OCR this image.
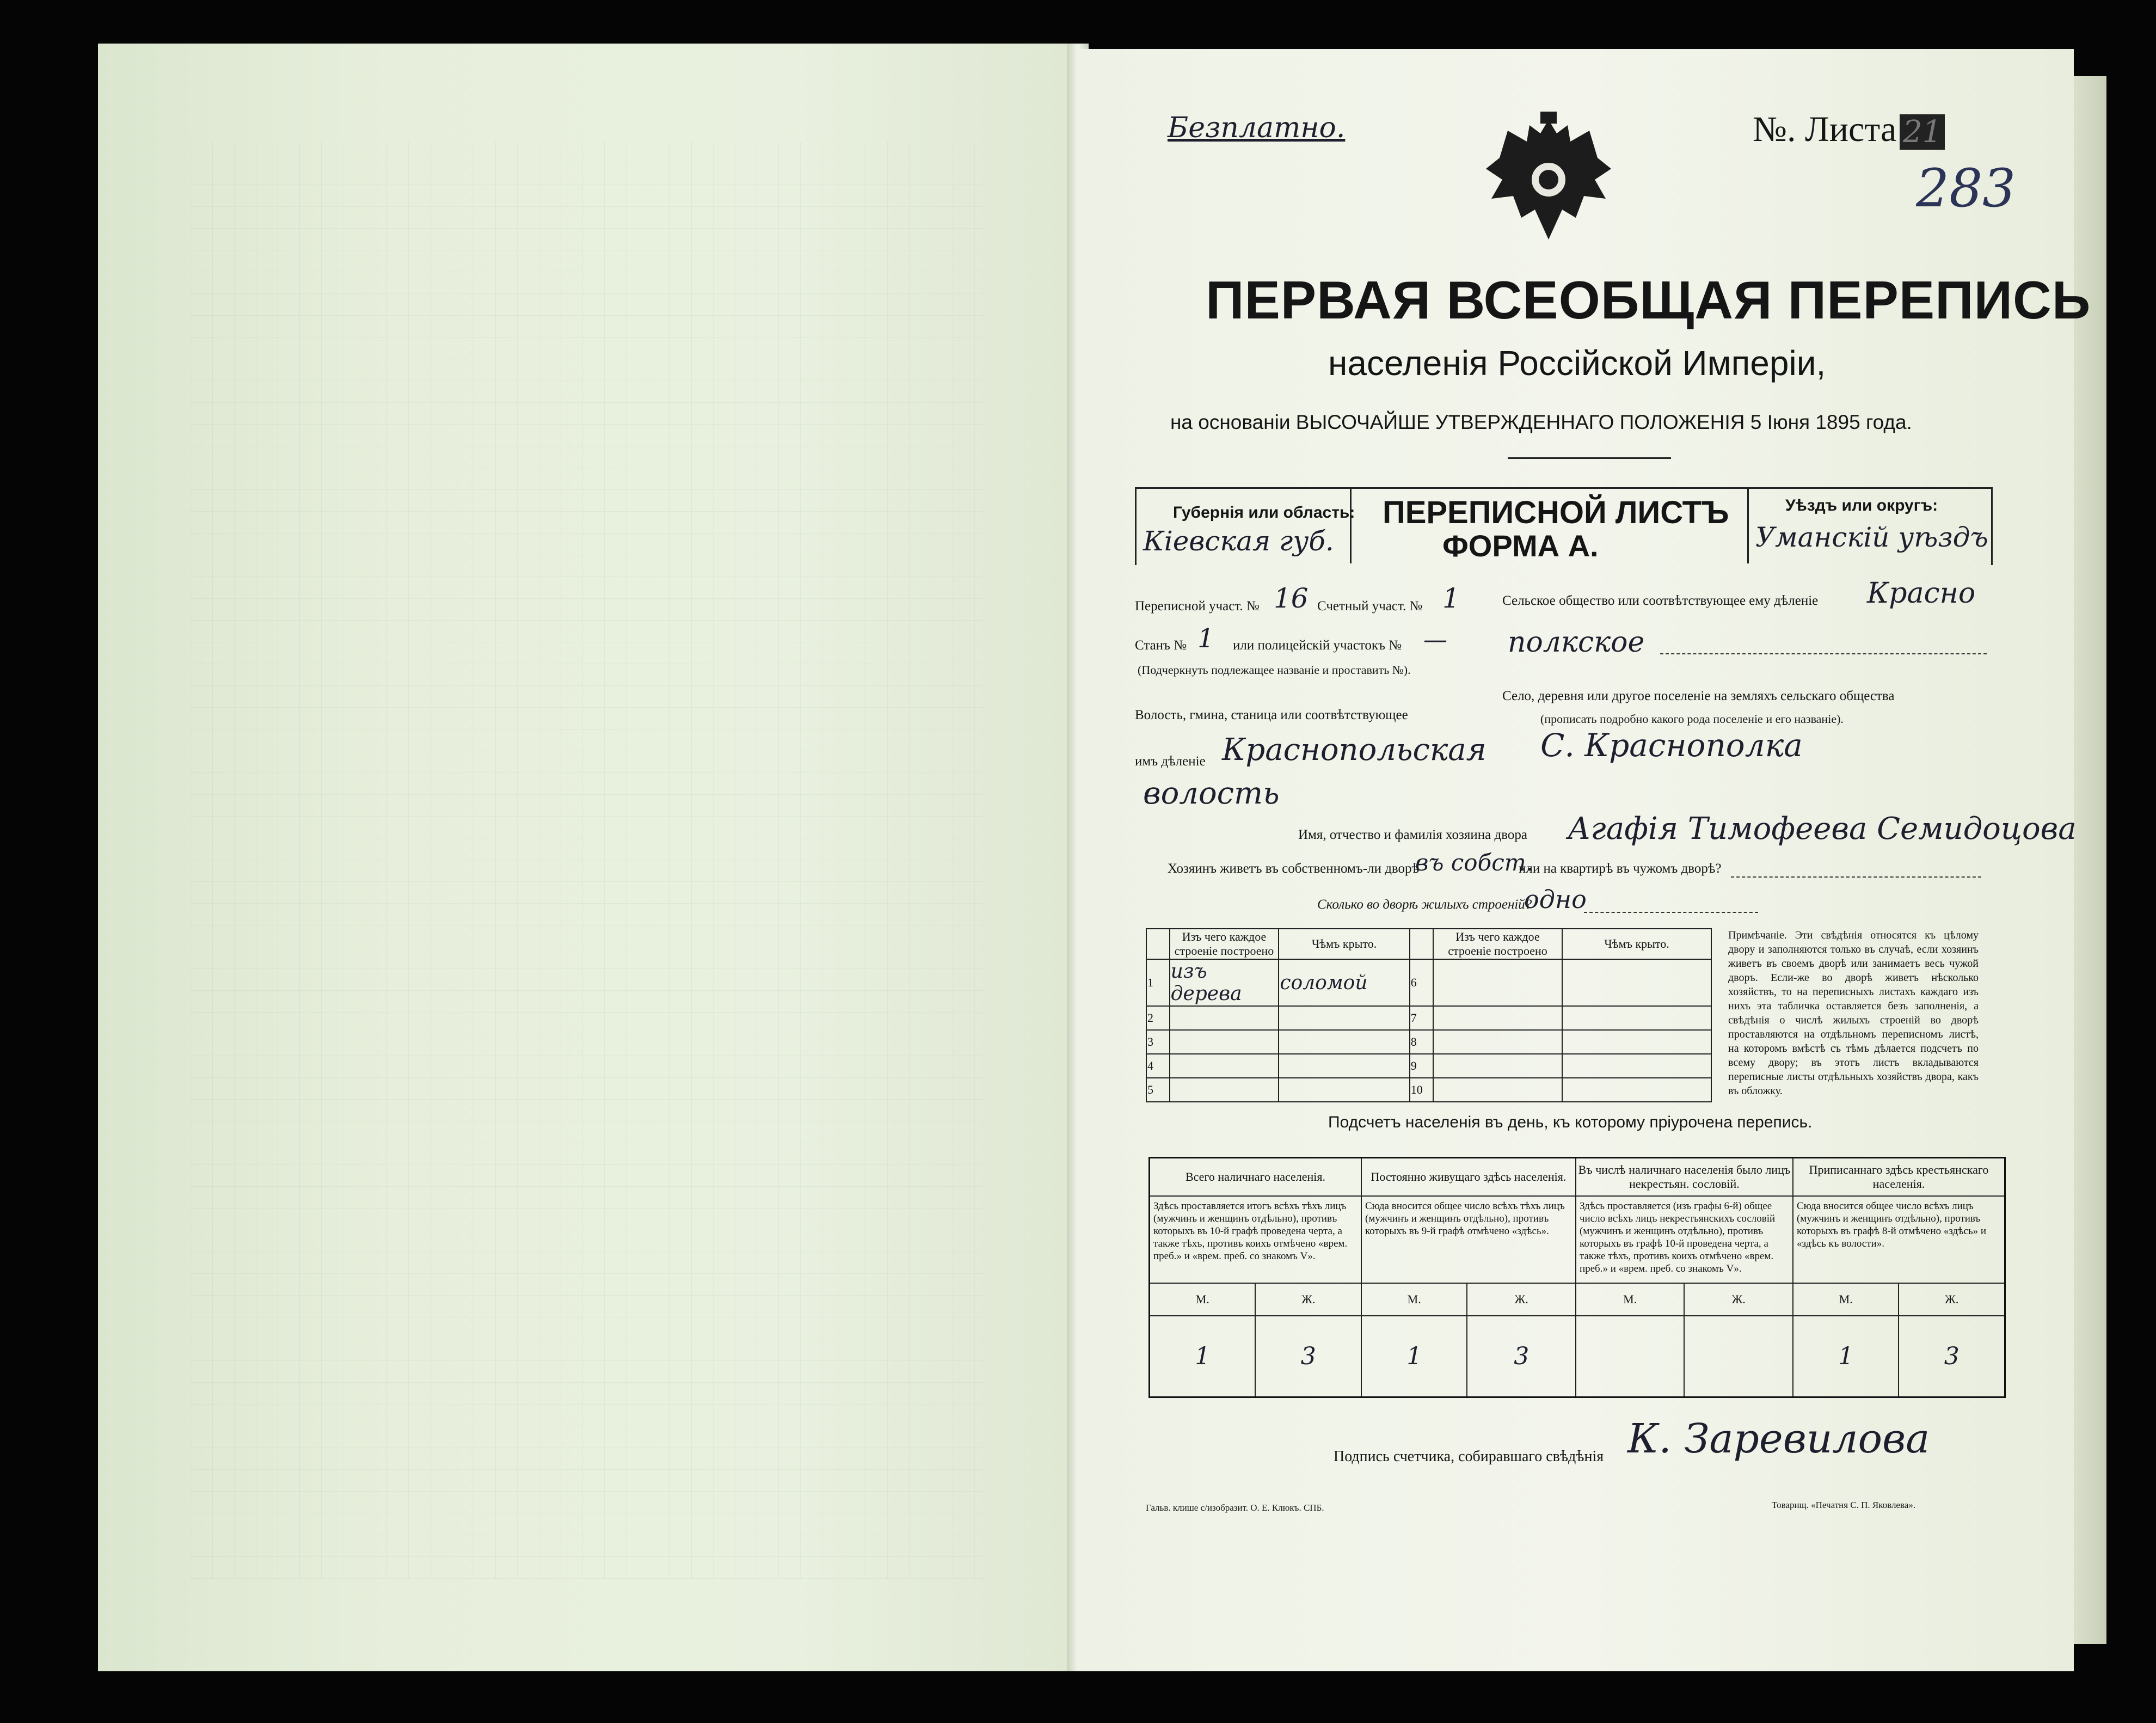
Безплатно.	№. Листа 21
283
ПЕРВАЯ ВСЕОБЩАЯ ПЕРЕПИСЬ
населенія Россійской Имперіи,
на основаніи ВЫСОЧАЙШЕ УТВЕРЖДЕННАГО ПОЛОЖЕНІЯ 5 Іюня 1895 года.
Губернія или область:
Кіевская губ.
ПЕРЕПИСНОЙ ЛИСТЪ
ФОРМА А.
Уѣздъ или округъ:
Уманскій уѣздъ
Переписной участ. № 16 Счетный участ. № 1
Станъ № 1 или полицейскій участокъ № —
(Подчеркнуть подлежащее названіе и проставить №).
Волость, гмина, станица или соотвѣтствующее
имъ дѣленіе Краснопольская
волость
Сельское общество или соотвѣтствующее ему дѣленіе Красно
полкское
Село, деревня или другое поселеніе на земляхъ сельскаго общества
(прописать подробно какого рода поселеніе и его названіе).
С. Краснополка
Имя, отчество и фамилія хозяина двора Агафія Тимофеева Семидоцова
Хозяинъ живетъ въ собственномъ-ли дворѣ
въ собст.
или на квартирѣ въ чужомъ дворѣ?
Сколько во дворѣ жилыхъ строеній?
одно
	Изъ чего каждое строеніе построено	Чѣмъ крыто.		Изъ чего каждое строеніе построено	Чѣмъ крыто.
1	изъ дерева	соломой	6		
2			7		
3			8		
4			9		
5			10		
Примѣчаніе. Эти свѣдѣнія относятся къ цѣлому двору и заполняются только въ случаѣ, если хозяинъ живетъ въ своемъ дворѣ или занимаетъ весь чужой дворъ. Если-же во дворѣ живетъ нѣсколько хозяйствъ, то на переписныхъ листахъ каждаго изъ нихъ эта табличка оставляется безъ заполненія, а свѣдѣнія о числѣ жилыхъ строеній во дворѣ проставляются на отдѣльномъ переписномъ листѣ, на которомъ вмѣстѣ съ тѣмъ дѣлается подсчетъ по всему двору; въ этотъ листъ вкладываются переписные листы отдѣльныхъ хозяйствъ двора, какъ въ обложку.
Подсчетъ населенія въ день, къ которому пріурочена перепись.
Всего наличнаго населенія.		Постоянно живущаго здѣсь населенія.		Въ числѣ наличнаго населенія было лицъ некрестьян. сословій.		Приписаннаго здѣсь крестьянскаго населенія.	
Здѣсь проставляется итогъ всѣхъ тѣхъ лицъ (мужчинъ и женщинъ отдѣльно), противъ которыхъ въ 10-й графѣ проведена черта, а также тѣхъ, противъ коихъ отмѣчено «врем. преб.» и «врем. преб. со знакомъ V».		Сюда вносится общее число всѣхъ тѣхъ лицъ (мужчинъ и женщинъ отдѣльно), противъ которыхъ въ 9-й графѣ отмѣчено «здѣсь».		Здѣсь проставляется (изъ графы 6-й) общее число всѣхъ лицъ некрестьянскихъ сословій (мужчинъ и женщинъ отдѣльно), противъ которыхъ въ графѣ 10-й проведена черта, а также тѣхъ, противъ коихъ отмѣчено «врем. преб.» и «врем. преб. со знакомъ V».		Сюда вносится общее число всѣхъ лицъ (мужчинъ и женщинъ отдѣльно), противъ которыхъ въ графѣ 8-й отмѣчено «здѣсь» и «здѣсь къ волости».	
М.	Ж.	М.	Ж.	М.	Ж.	М.	Ж.
1	3	1	3			1	3
Подпись счетчика, собиравшаго свѣдѣнія К. Заревилова
Гальв. клише с/изобразит. О. Е. Клюкъ. СПБ.	Товарищ. «Печатня С. П. Яковлева».
